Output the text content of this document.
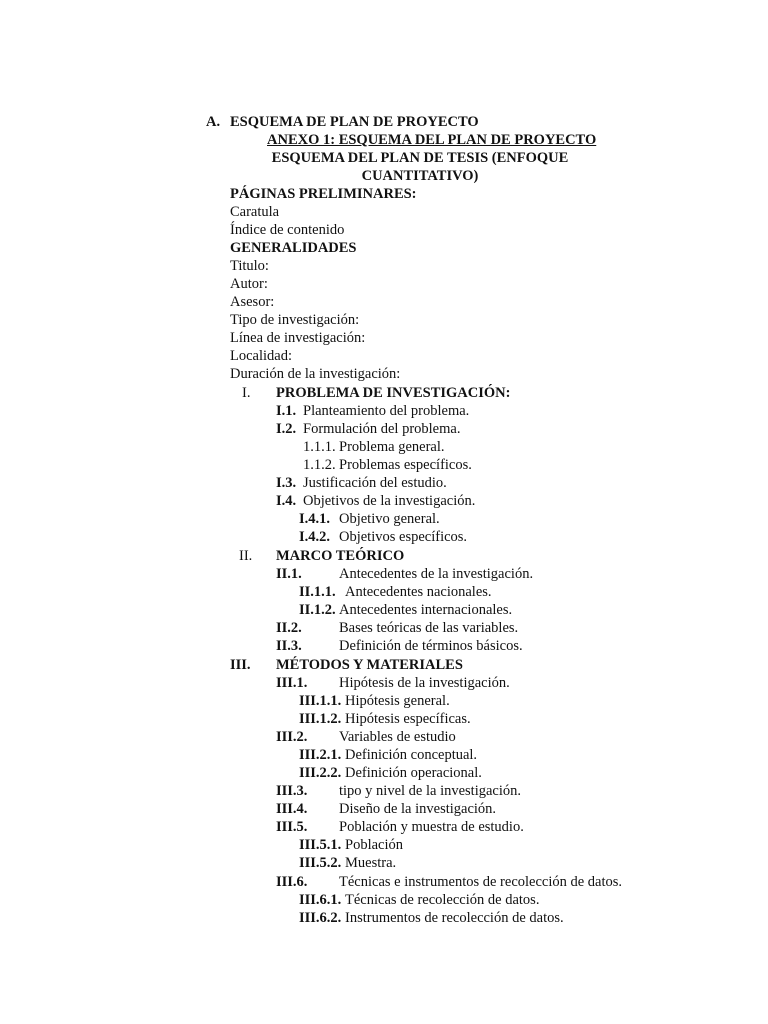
A. ESQUEMA DE PLAN DE PROYECTO
ANEXO 1: ESQUEMA DEL PLAN DE PROYECTO
ESQUEMA DEL PLAN DE TESIS (ENFOQUE
CUANTITATIVO)
PÁGINAS PRELIMINARES:
Caratula
Índice de contenido
GENERALIDADES
Titulo:
Autor:
Asesor:
Tipo de investigación:
Línea de investigación:
Localidad:
Duración de la investigación:
I. PROBLEMA DE INVESTIGACIÓN:
I.1. Planteamiento del problema.
I.2. Formulación del problema.
1.1.1. Problema general.
1.1.2. Problemas específicos.
I.3. Justificación del estudio.
I.4. Objetivos de la investigación.
I.4.1. Objetivo general.
I.4.2. Objetivos específicos.
II. MARCO TEÓRICO
II.1.	Antecedentes de la investigación.
II.1.1. Antecedentes nacionales.
II.1.2. Antecedentes internacionales.
II.2.	Bases teóricas de las variables.
II.3.	Definición de términos básicos.
III. MÉTODOS Y MATERIALES
III.1. Hipótesis de la investigación.
III.1.1. Hipótesis general.
III.1.2. Hipótesis específicas.
III.2. Variables de estudio
III.2.1. Definición conceptual.
III.2.2. Definición operacional.
III.3. tipo y nivel de la investigación.
III.4. Diseño de la investigación.
III.5. Población y muestra de estudio.
III.5.1. Población
III.5.2. Muestra.
III.6. Técnicas e instrumentos de recolección de datos.
III.6.1. Técnicas de recolección de datos.
III.6.2. Instrumentos de recolección de datos.
